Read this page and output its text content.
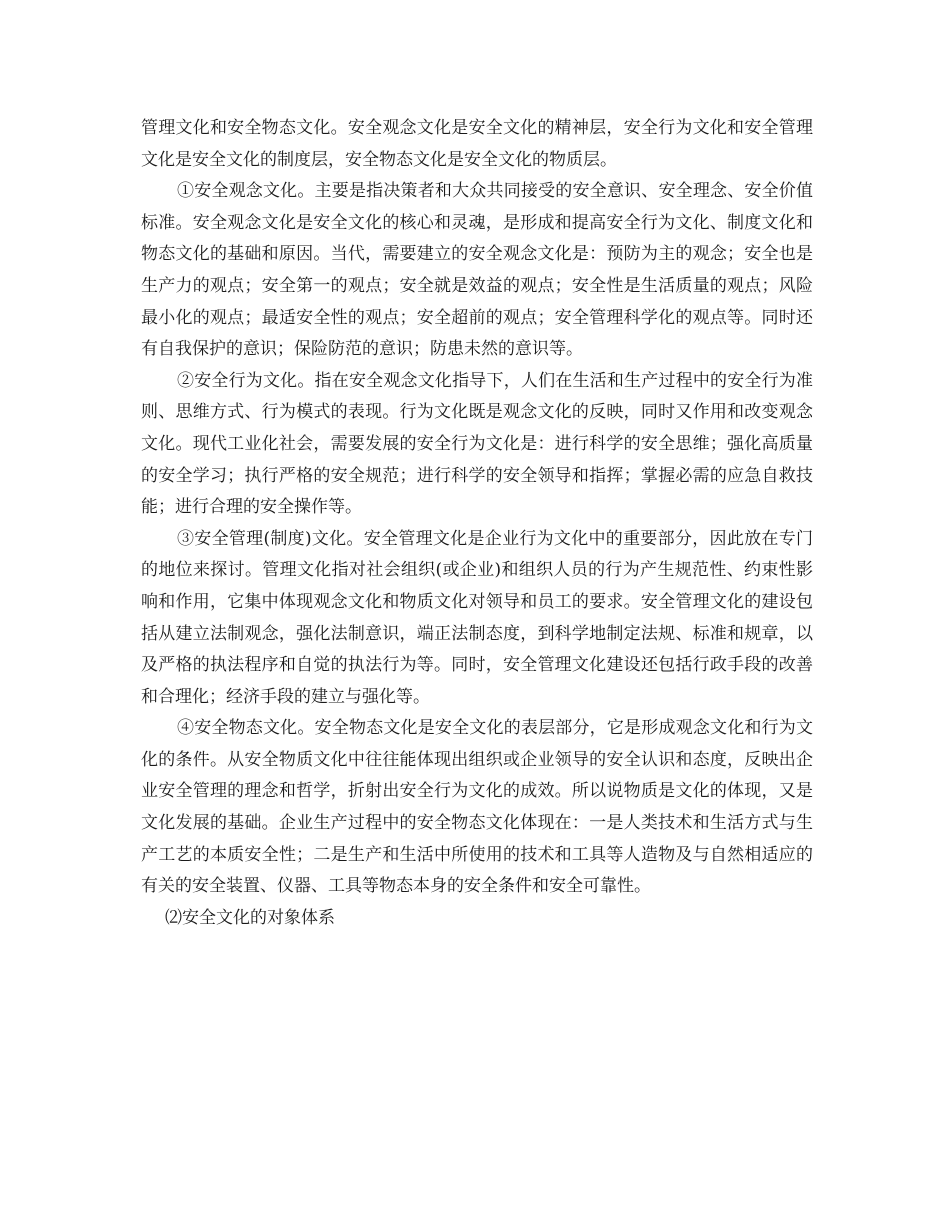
管理文化和安全物态文化。安全观念文化是安全文化的精神层，安全行为文化和安全管理文化是安全文化的制度层，安全物态文化是安全文化的物质层。

①安全观念文化。主要是指决策者和大众共同接受的安全意识、安全理念、安全价值标准。安全观念文化是安全文化的核心和灵魂，是形成和提高安全行为文化、制度文化和物态文化的基础和原因。当代，需要建立的安全观念文化是：预防为主的观念；安全也是生产力的观点；安全第一的观点；安全就是效益的观点；安全性是生活质量的观点；风险最小化的观点；最适安全性的观点；安全超前的观点；安全管理科学化的观点等。同时还有自我保护的意识；保险防范的意识；防患未然的意识等。

②安全行为文化。指在安全观念文化指导下，人们在生活和生产过程中的安全行为准则、思维方式、行为模式的表现。行为文化既是观念文化的反映，同时又作用和改变观念文化。现代工业化社会，需要发展的安全行为文化是：进行科学的安全思维；强化高质量的安全学习；执行严格的安全规范；进行科学的安全领导和指挥；掌握必需的应急自救技能；进行合理的安全操作等。

③安全管理(制度)文化。安全管理文化是企业行为文化中的重要部分，因此放在专门的地位来探讨。管理文化指对社会组织(或企业)和组织人员的行为产生规范性、约束性影响和作用，它集中体现观念文化和物质文化对领导和员工的要求。安全管理文化的建设包括从建立法制观念，强化法制意识，端正法制态度，到科学地制定法规、标准和规章，以及严格的执法程序和自觉的执法行为等。同时，安全管理文化建设还包括行政手段的改善和合理化；经济手段的建立与强化等。

④安全物态文化。安全物态文化是安全文化的表层部分，它是形成观念文化和行为文化的条件。从安全物质文化中往往能体现出组织或企业领导的安全认识和态度，反映出企业安全管理的理念和哲学，折射出安全行为文化的成效。所以说物质是文化的体现，又是文化发展的基础。企业生产过程中的安全物态文化体现在：一是人类技术和生活方式与生产工艺的本质安全性；二是生产和生活中所使用的技术和工具等人造物及与自然相适应的有关的安全装置、仪器、工具等物态本身的安全条件和安全可靠性。

⑵安全文化的对象体系
